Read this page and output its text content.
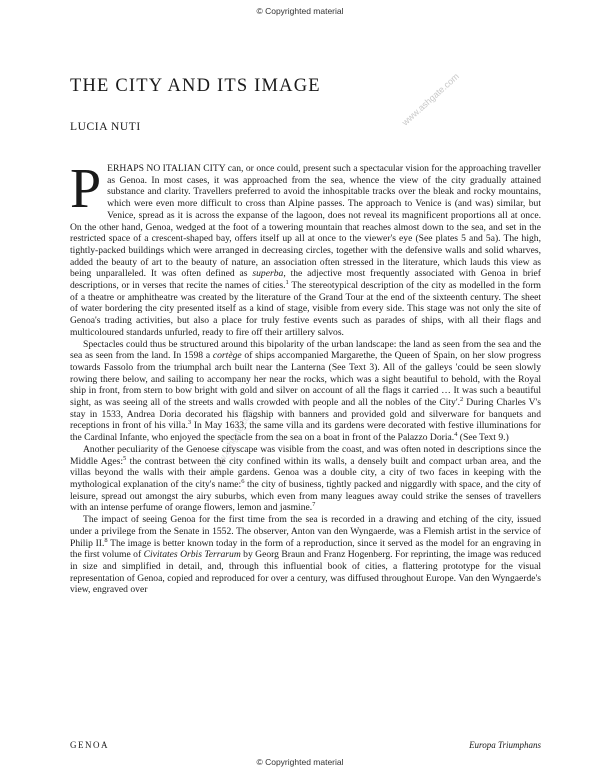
© Copyrighted material
www.ashgate.com
www.ashgate.com
THE CITY AND ITS IMAGE
LUCIA NUTI

PERHAPS NO ITALIAN CITY can, or once could, present such a spectacular vision for the approaching traveller as Genoa. In most cases, it was approached from the sea, whence the view of the city gradually attained substance and clarity. Travellers preferred to avoid the inhospitable tracks over the bleak and rocky mountains, which were even more difficult to cross than Alpine passes. The approach to Venice is (and was) similar, but Venice, spread as it is across the expanse of the lagoon, does not reveal its magnificent proportions all at once. On the other hand, Genoa, wedged at the foot of a towering mountain that reaches almost down to the sea, and set in the restricted space of a crescent-shaped bay, offers itself up all at once to the viewer's eye (See plates 5 and 5a). The high, tightly-packed buildings which were arranged in decreasing circles, together with the defensive walls and solid wharves, added the beauty of art to the beauty of nature, an association often stressed in the literature, which lauds this view as being unparalleled. It was often defined as superba, the adjective most frequently associated with Genoa in brief descriptions, or in verses that recite the names of cities.$^1$ The stereotypical description of the city as modelled in the form of a theatre or amphitheatre was created by the literature of the Grand Tour at the end of the sixteenth century. The sheet of water bordering the city presented itself as a kind of stage, visible from every side. This stage was not only the site of Genoa's trading activities, but also a place for truly festive events such as parades of ships, with all their flags and multicoloured standards unfurled, ready to fire off their artillery salvos.

Spectacles could thus be structured around this bipolarity of the urban landscape: the land as seen from the sea and the sea as seen from the land. In 1598 a cortège of ships accompanied Margarethe, the Queen of Spain, on her slow progress towards Fassolo from the triumphal arch built near the Lanterna (See Text 3). All of the galleys 'could be seen slowly rowing there below, and sailing to accompany her near the rocks, which was a sight beautiful to behold, with the Royal ship in front, from stern to bow bright with gold and silver on account of all the flags it carried … It was such a beautiful sight, as was seeing all of the streets and walls crowded with people and all the nobles of the City'.$^2$ During Charles V's stay in 1533, Andrea Doria decorated his flagship with banners and provided gold and silverware for banquets and receptions in front of his villa.$^3$ In May 1633, the same villa and its gardens were decorated with festive illuminations for the Cardinal Infante, who enjoyed the spectacle from the sea on a boat in front of the Palazzo Doria.$^4$ (See Text 9.)

Another peculiarity of the Genoese cityscape was visible from the coast, and was often noted in descriptions since the Middle Ages:$^5$ the contrast between the city confined within its walls, a densely built and compact urban area, and the villas beyond the walls with their ample gardens. Genoa was a double city, a city of two faces in keeping with the mythological explanation of the city's name:$^6$ the city of business, tightly packed and niggardly with space, and the city of leisure, spread out amongst the airy suburbs, which even from many leagues away could strike the senses of travellers with an intense perfume of orange flowers, lemon and jasmine.$^7$

The impact of seeing Genoa for the first time from the sea is recorded in a drawing and etching of the city, issued under a privilege from the Senate in 1552. The observer, Anton van den Wyngaerde, was a Flemish artist in the service of Philip II.$^8$ The image is better known today in the form of a reproduction, since it served as the model for an engraving in the first volume of Civitates Orbis Terrarum by Georg Braun and Franz Hogenberg. For reprinting, the image was reduced in size and simplified in detail, and, through this influential book of cities, a flattering prototype for the visual representation of Genoa, copied and reproduced for over a century, was diffused throughout Europe. Van den Wyngaerde's view, engraved over

GENOA	Europa Triumphans
© Copyrighted material
